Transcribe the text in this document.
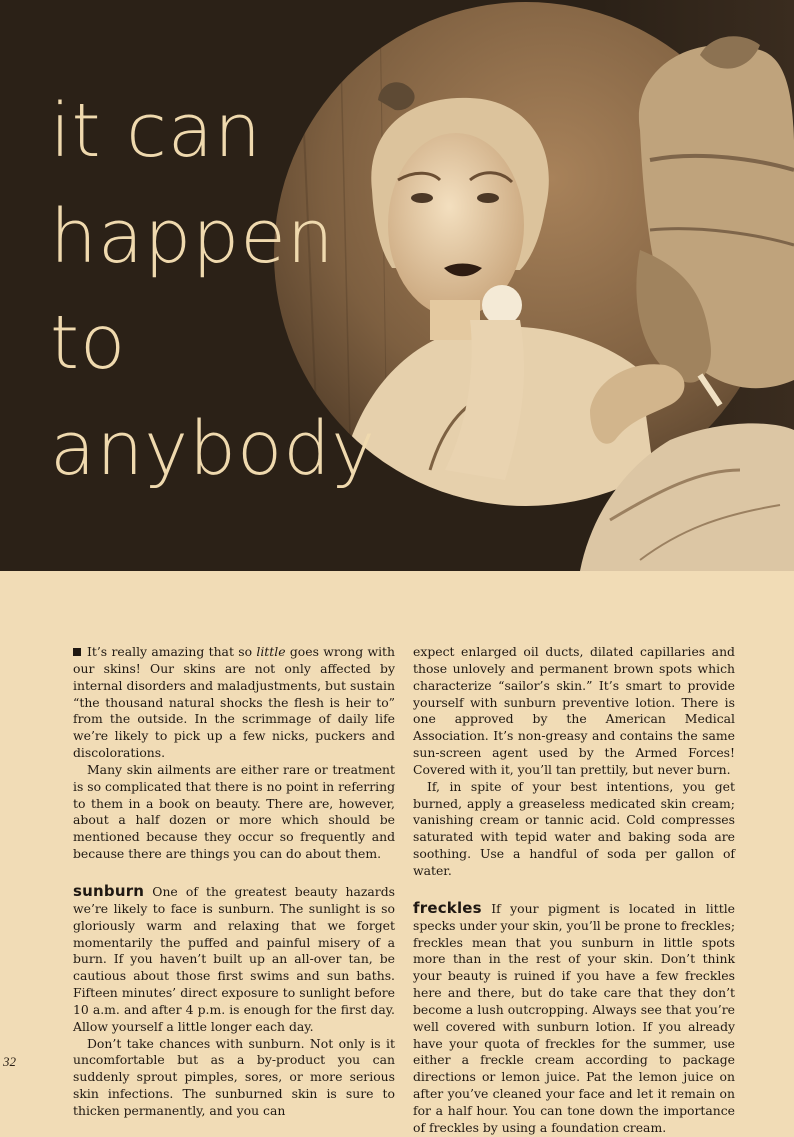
it can
happen
to
anybody

It’s really amazing that so little goes wrong with our skins! Our skins are not only affected by internal disorders and maladjustments, but sustain “the thousand natural shocks the flesh is heir to” from the outside. In the scrimmage of daily life we’re likely to pick up a few nicks, puckers and discolorations.

Many skin ailments are either rare or treatment is so complicated that there is no point in referring to them in a book on beauty. There are, however, about a half dozen or more which should be mentioned because they occur so frequently and because there are things you can do about them.

sunburn One of the greatest beauty hazards we’re likely to face is sunburn. The sunlight is so gloriously warm and relaxing that we forget momentarily the puffed and painful misery of a burn. If you haven’t built up an all-over tan, be cautious about those first swims and sun baths. Fifteen minutes’ direct exposure to sunlight before 10 a.m. and after 4 p.m. is enough for the first day. Allow yourself a little longer each day.

Don’t take chances with sunburn. Not only is it uncomfortable but as a by-product you can suddenly sprout pimples, sores, or more serious skin infections. The sunburned skin is sure to thicken permanently, and you can

expect enlarged oil ducts, dilated capillaries and those unlovely and permanent brown spots which characterize “sailor’s skin.” It’s smart to provide yourself with sunburn preventive lotion. There is one approved by the American Medical Association. It’s non-greasy and contains the same sun-screen agent used by the Armed Forces! Covered with it, you’ll tan prettily, but never burn.

If, in spite of your best intentions, you get burned, apply a greaseless medicated skin cream; vanishing cream or tannic acid. Cold compresses saturated with tepid water and baking soda are soothing. Use a handful of soda per gallon of water.

freckles If your pigment is located in little specks under your skin, you’ll be prone to freckles; freckles mean that you sunburn in little spots more than in the rest of your skin. Don’t think your beauty is ruined if you have a few freckles here and there, but do take care that they don’t become a lush outcropping. Always see that you’re well covered with sunburn lotion. If you already have your quota of freckles for the summer, use either a freckle cream according to package directions or lemon juice. Pat the lemon juice on after you’ve cleaned your face and let it remain on for a half hour. You can tone down the importance of freckles by using a foundation cream.

32
